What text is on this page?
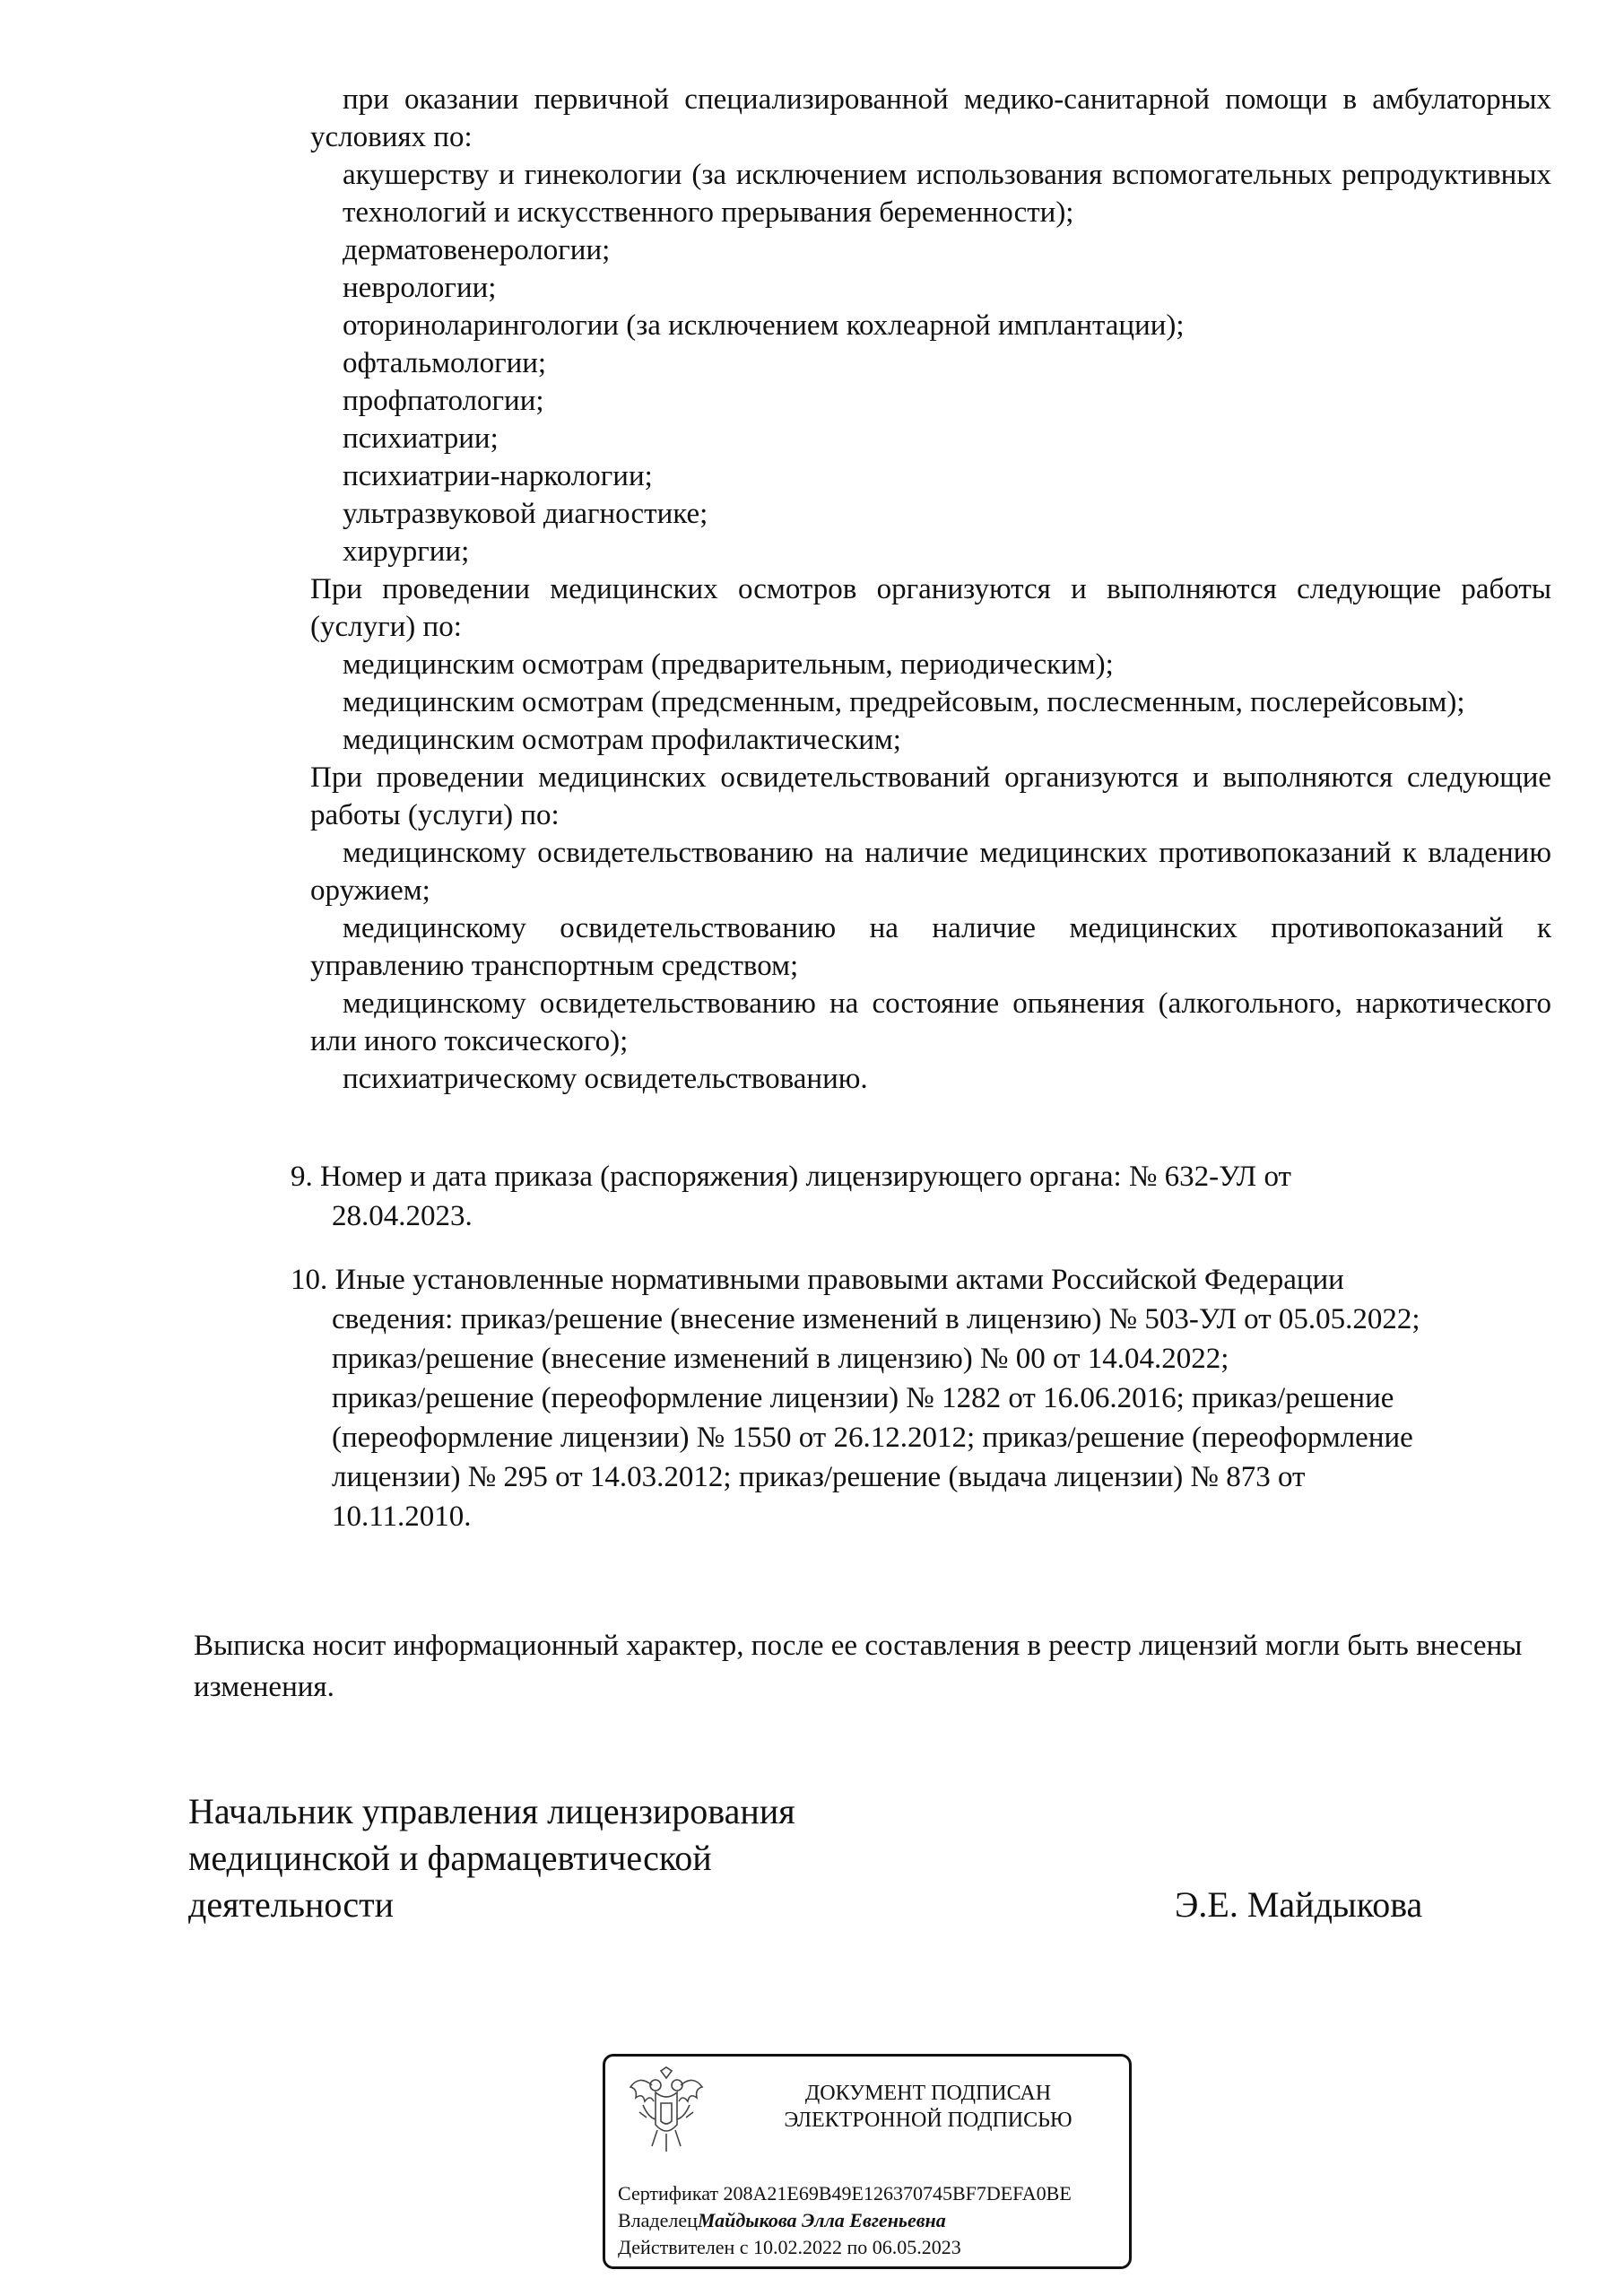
при оказании первичной специализированной медико-санитарной помощи в амбулаторных условиях по:

акушерству и гинекологии (за исключением использования вспомогательных репродуктивных технологий и искусственного прерывания беременности);

дерматовенерологии;

неврологии;

оториноларингологии (за исключением кохлеарной имплантации);

офтальмологии;

профпатологии;

психиатрии;

психиатрии-наркологии;

ультразвуковой диагностике;

хирургии;

При проведении медицинских осмотров организуются и выполняются следующие работы (услуги) по:

медицинским осмотрам (предварительным, периодическим);

медицинским осмотрам (предсменным, предрейсовым, послесменным, послерейсовым);

медицинским осмотрам профилактическим;

При проведении медицинских освидетельствований организуются и выполняются следующие работы (услуги) по:

медицинскому освидетельствованию на наличие медицинских противопоказаний к владению оружием;

медицинскому освидетельствованию на наличие медицинских противопоказаний к управлению транспортным средством;

медицинскому освидетельствованию на состояние опьянения (алкогольного, наркотического или иного токсического);

психиатрическому освидетельствованию.

9. Номер и дата приказа (распоряжения) лицензирующего органа: № 632-УЛ от
28.04.2023.
10. Иные установленные нормативными правовыми актами Российской Федерации
сведения: приказ/решение (внесение изменений в лицензию) № 503-УЛ от 05.05.2022;
приказ/решение (внесение изменений в лицензию) № 00 от 14.04.2022;
приказ/решение (переоформление лицензии) № 1282 от 16.06.2016; приказ/решение
(переоформление лицензии) № 1550 от 26.12.2012; приказ/решение (переоформление
лицензии) № 295 от 14.03.2012; приказ/решение (выдача лицензии) № 873 от
10.11.2010.
Выписка носит информационный характер, после ее составления в реестр лицензий могли быть внесены изменения.
Начальник управления лицензирования
медицинской и фармацевтической
деятельности	Э.Е. Майдыкова
ДОКУМЕНТ ПОДПИСАН
ЭЛЕКТРОННОЙ ПОДПИСЬЮ
Сертификат 208A21E69B49E126370745BF7DEFA0BE
ВладелецМайдыкова Элла Евгеньевна
Действителен с 10.02.2022 по 06.05.2023
